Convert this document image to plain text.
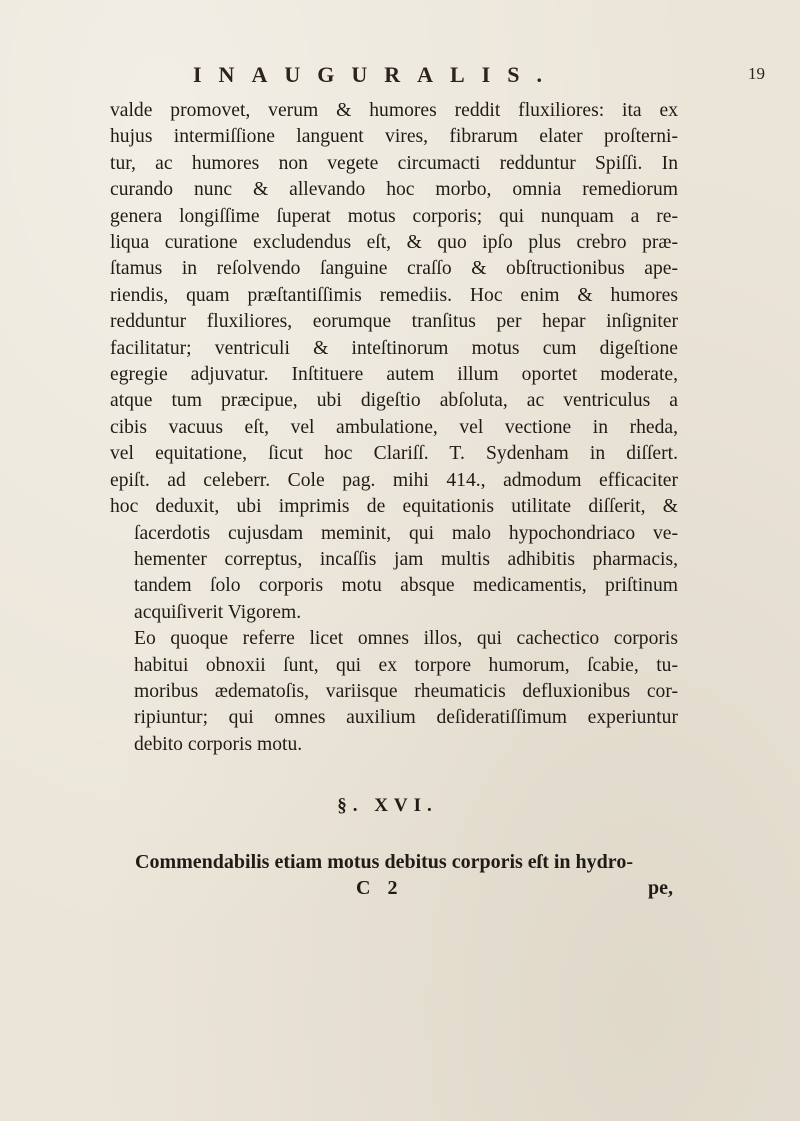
INAUGURALIS.	19
valde promovet, verum & humores reddit fluxiliores: ita ex
hujus intermiſſione languent vires, fibrarum elater proſterni-
tur, ac humores non vegete circumacti redduntur Spiſſi. In
curando nunc & allevando hoc morbo, omnia remediorum
genera longiſſime ſuperat motus corporis; qui nunquam a re-
liqua curatione excludendus eſt, & quo ipſo plus crebro præ-
ſtamus in reſolvendo ſanguine craſſo & obſtructionibus ape-
riendis, quam præſtantiſſimis remediis. Hoc enim & humores
redduntur fluxiliores, eorumque tranſitus per hepar inſigniter
facilitatur; ventriculi & inteſtinorum motus cum digeſtione
egregie adjuvatur. Inſtituere autem illum oportet moderate,
atque tum præcipue, ubi digeſtio abſoluta, ac ventriculus a
cibis vacuus eſt, vel ambulatione, vel vectione in rheda,
vel equitatione, ſicut hoc Clariſſ. T. Sydenham in diſſert.
epiſt. ad celeberr. Cole pag. mihi 414., admodum efficaciter
hoc deduxit, ubi imprimis de equitationis utilitate diſſerit, &
ſacerdotis cujusdam meminit, qui malo hypochondriaco ve-
hementer correptus, incaſſis jam multis adhibitis pharmacis,
tandem ſolo corporis motu absque medicamentis, priſtinum
acquiſiverit Vigorem.
Eo quoque referre licet omnes illos, qui cachectico corporis
habitui obnoxii ſunt, qui ex torpore humorum, ſcabie, tu-
moribus ædematoſis, variisque rheumaticis defluxionibus cor-
ripiuntur; qui omnes auxilium deſideratiſſimum experiuntur
debito corporis motu.
§. XVI.
Commendabilis etiam motus debitus corporis eſt in hydro-
C 2	pe,
